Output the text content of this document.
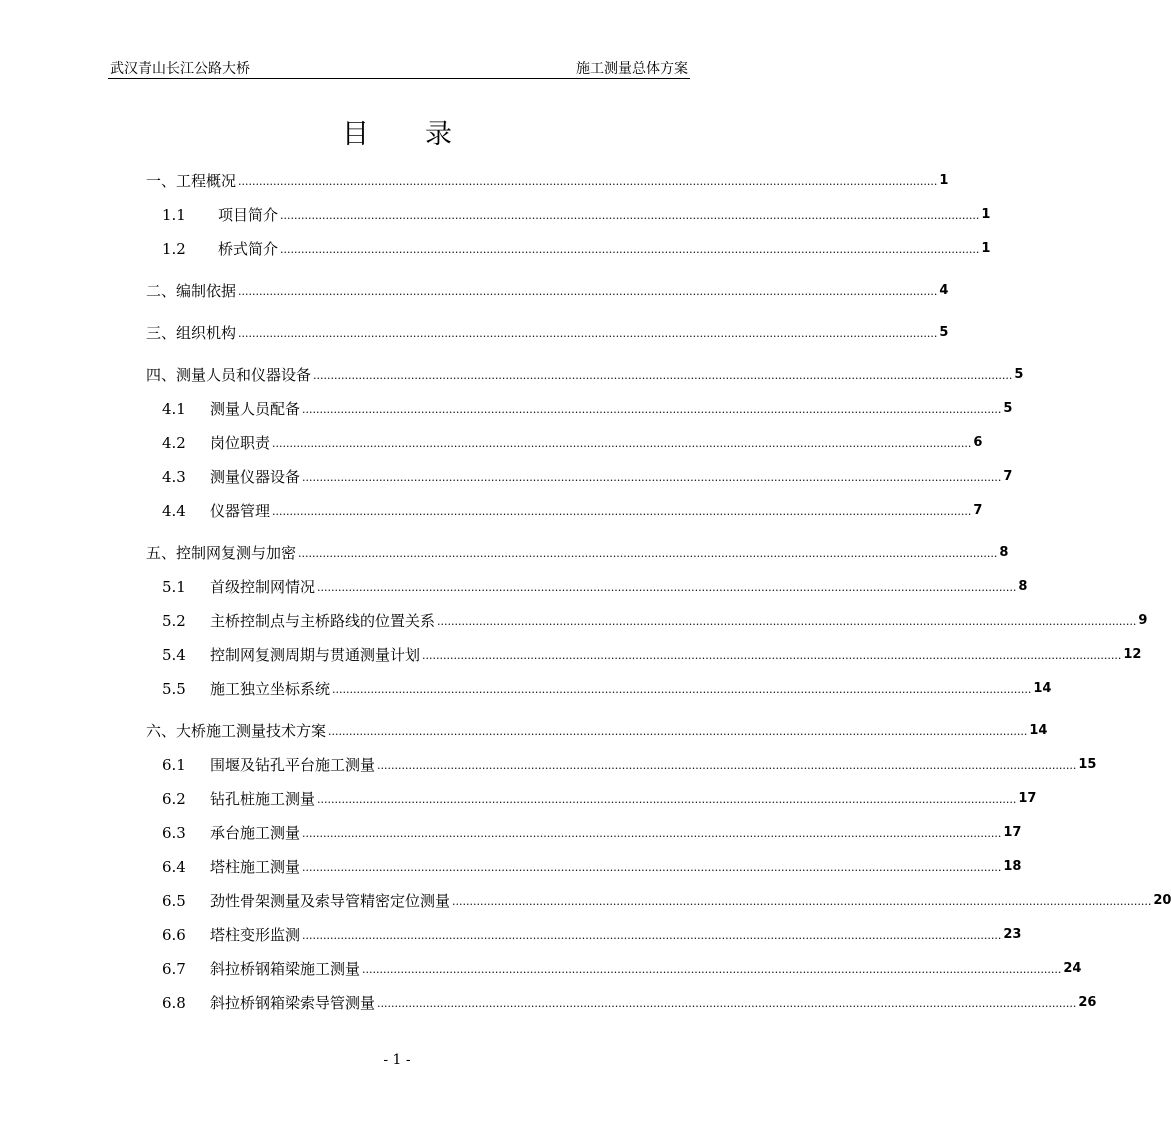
武汉青山长江公路大桥	施工测量总体方案
目录
一、工程概况 ........................................................................................................................................................................................................ 1
1.1 项目简介 ........................................................................................................................................................................................................ 1
1.2 桥式简介 ........................................................................................................................................................................................................ 1
二、编制依据 ........................................................................................................................................................................................................ 4
三、组织机构 ........................................................................................................................................................................................................ 5
四、测量人员和仪器设备 ........................................................................................................................................................................................................ 5
4.1 测量人员配备 ........................................................................................................................................................................................................ 5
4.2 岗位职责 ........................................................................................................................................................................................................ 6
4.3 测量仪器设备 ........................................................................................................................................................................................................ 7
4.4 仪器管理 ........................................................................................................................................................................................................ 7
五、控制网复测与加密 ........................................................................................................................................................................................................ 8
5.1 首级控制网情况 ........................................................................................................................................................................................................ 8
5.2 主桥控制点与主桥路线的位置关系 ........................................................................................................................................................................................................ 9
5.4 控制网复测周期与贯通测量计划 ........................................................................................................................................................................................................ 12
5.5 施工独立坐标系统 ........................................................................................................................................................................................................ 14
六、大桥施工测量技术方案 ........................................................................................................................................................................................................ 14
6.1 围堰及钻孔平台施工测量 ........................................................................................................................................................................................................ 15
6.2 钻孔桩施工测量 ........................................................................................................................................................................................................ 17
6.3 承台施工测量 ........................................................................................................................................................................................................ 17
6.4 塔柱施工测量 ........................................................................................................................................................................................................ 18
6.5 劲性骨架测量及索导管精密定位测量 ........................................................................................................................................................................................................ 20
6.6 塔柱变形监测 ........................................................................................................................................................................................................ 23
6.7 斜拉桥钢箱梁施工测量 ........................................................................................................................................................................................................ 24
6.8 斜拉桥钢箱梁索导管测量 ........................................................................................................................................................................................................ 26
- 1 -
